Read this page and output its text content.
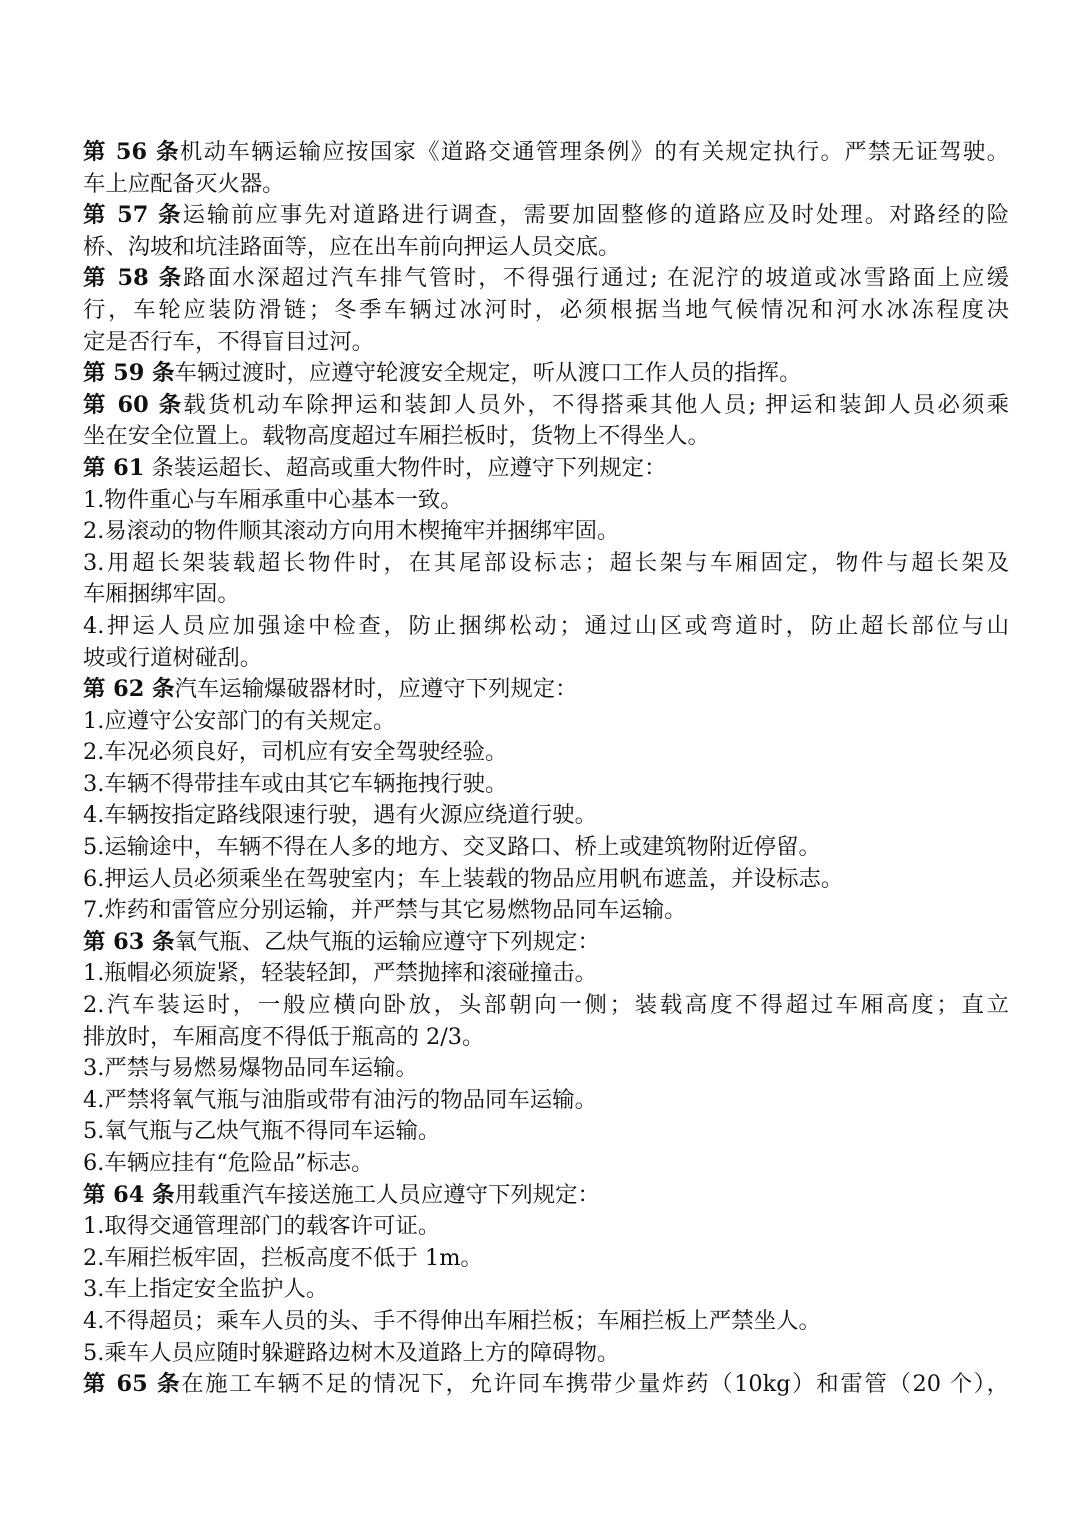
第 56 条机动车辆运输应按国家《道路交通管理条例》的有关规定执行。严禁无证驾驶。
车上应配备灭火器。
第 57 条运输前应事先对道路进行调查，需要加固整修的道路应及时处理。对路经的险
桥、沟坡和坑洼路面等，应在出车前向押运人员交底。
第 58 条路面水深超过汽车排气管时，不得强行通过; 在泥泞的坡道或冰雪路面上应缓
行，车轮应装防滑链；冬季车辆过冰河时，必须根据当地气候情况和河水冰冻程度决
定是否行车，不得盲目过河。
第 59 条车辆过渡时，应遵守轮渡安全规定，听从渡口工作人员的指挥。
第 60 条载货机动车除押运和装卸人员外，不得搭乘其他人员; 押运和装卸人员必须乘
坐在安全位置上。载物高度超过车厢拦板时，货物上不得坐人。
第 61 条装运超长、超高或重大物件时，应遵守下列规定：
1.物件重心与车厢承重中心基本一致。
2.易滚动的物件顺其滚动方向用木楔掩牢并捆绑牢固。
3.用超长架装载超长物件时，在其尾部设标志；超长架与车厢固定，物件与超长架及
车厢捆绑牢固。
4.押运人员应加强途中检查，防止捆绑松动；通过山区或弯道时，防止超长部位与山
坡或行道树碰刮。
第 62 条汽车运输爆破器材时，应遵守下列规定：
1.应遵守公安部门的有关规定。
2.车况必须良好，司机应有安全驾驶经验。
3.车辆不得带挂车或由其它车辆拖拽行驶。
4.车辆按指定路线限速行驶，遇有火源应绕道行驶。
5.运输途中，车辆不得在人多的地方、交叉路口、桥上或建筑物附近停留。
6.押运人员必须乘坐在驾驶室内；车上装载的物品应用帆布遮盖，并设标志。
7.炸药和雷管应分别运输，并严禁与其它易燃物品同车运输。
第 63 条氧气瓶、乙炔气瓶的运输应遵守下列规定：
1.瓶帽必须旋紧，轻装轻卸，严禁抛摔和滚碰撞击。
2.汽车装运时，一般应横向卧放，头部朝向一侧；装载高度不得超过车厢高度；直立
排放时，车厢高度不得低于瓶高的 2/3。
3.严禁与易燃易爆物品同车运输。
4.严禁将氧气瓶与油脂或带有油污的物品同车运输。
5.氧气瓶与乙炔气瓶不得同车运输。
6.车辆应挂有“危险品”标志。
第 64 条用载重汽车接送施工人员应遵守下列规定：
1.取得交通管理部门的载客许可证。
2.车厢拦板牢固，拦板高度不低于 1m。
3.车上指定安全监护人。
4.不得超员；乘车人员的头、手不得伸出车厢拦板；车厢拦板上严禁坐人。
5.乘车人员应随时躲避路边树木及道路上方的障碍物。
第 65 条在施工车辆不足的情况下，允许同车携带少量炸药（10kg）和雷管（20 个），
